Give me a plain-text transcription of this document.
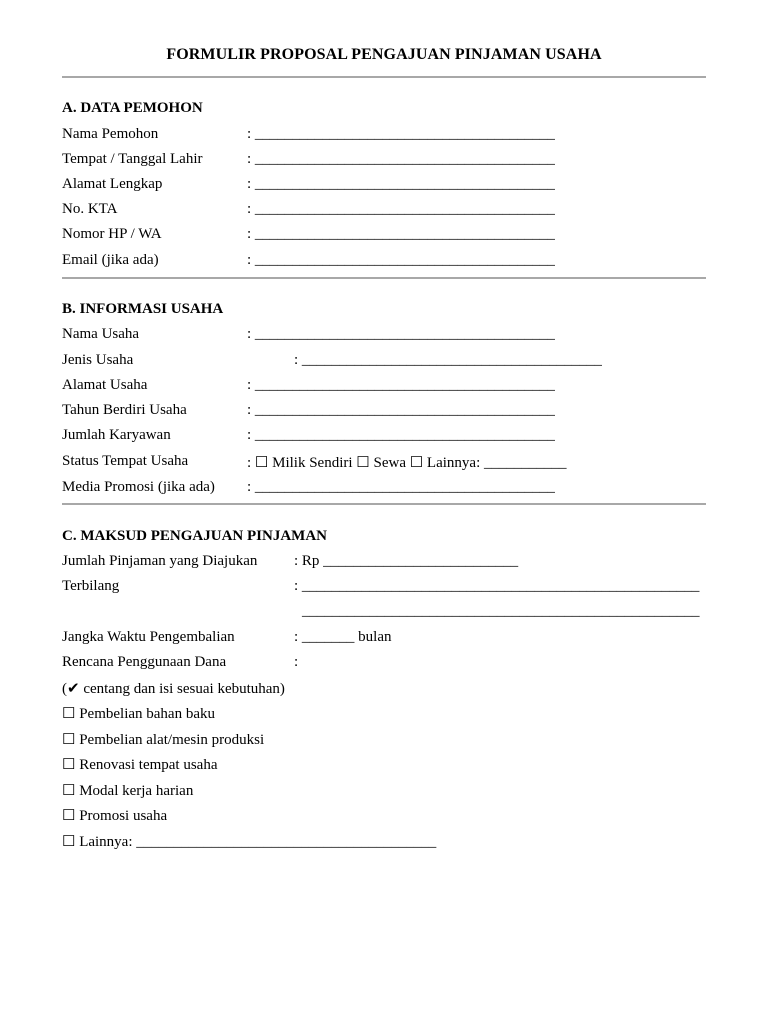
FORMULIR PROPOSAL PENGAJUAN PINJAMAN USAHA
A. DATA PEMOHON
Nama Pemohon	: ________________________________________
Tempat / Tanggal Lahir	: ________________________________________
Alamat Lengkap	: ________________________________________
No. KTA	: ________________________________________
Nomor HP / WA	: ________________________________________
Email (jika ada)	: ________________________________________
B. INFORMASI USAHA
Nama Usaha	: ________________________________________
Jenis Usaha	: ________________________________________
Alamat Usaha	: ________________________________________
Tahun Berdiri Usaha	: ________________________________________
Jumlah Karyawan	: ________________________________________
Status Tempat Usaha	: ☐ Milik Sendiri ☐ Sewa ☐ Lainnya: ___________
Media Promosi (jika ada) : ________________________________________
C. MAKSUD PENGAJUAN PINJAMAN
Jumlah Pinjaman yang Diajukan : Rp __________________________
Terbilang	: _____________________________________________________
_____________________________________________________
Jangka Waktu Pengembalian	: _______ bulan
Rencana Penggunaan Dana	:
(✔ centang dan isi sesuai kebutuhan)
☐ Pembelian bahan baku
☐ Pembelian alat/mesin produksi
☐ Renovasi tempat usaha
☐ Modal kerja harian
☐ Promosi usaha
☐ Lainnya: ________________________________________
